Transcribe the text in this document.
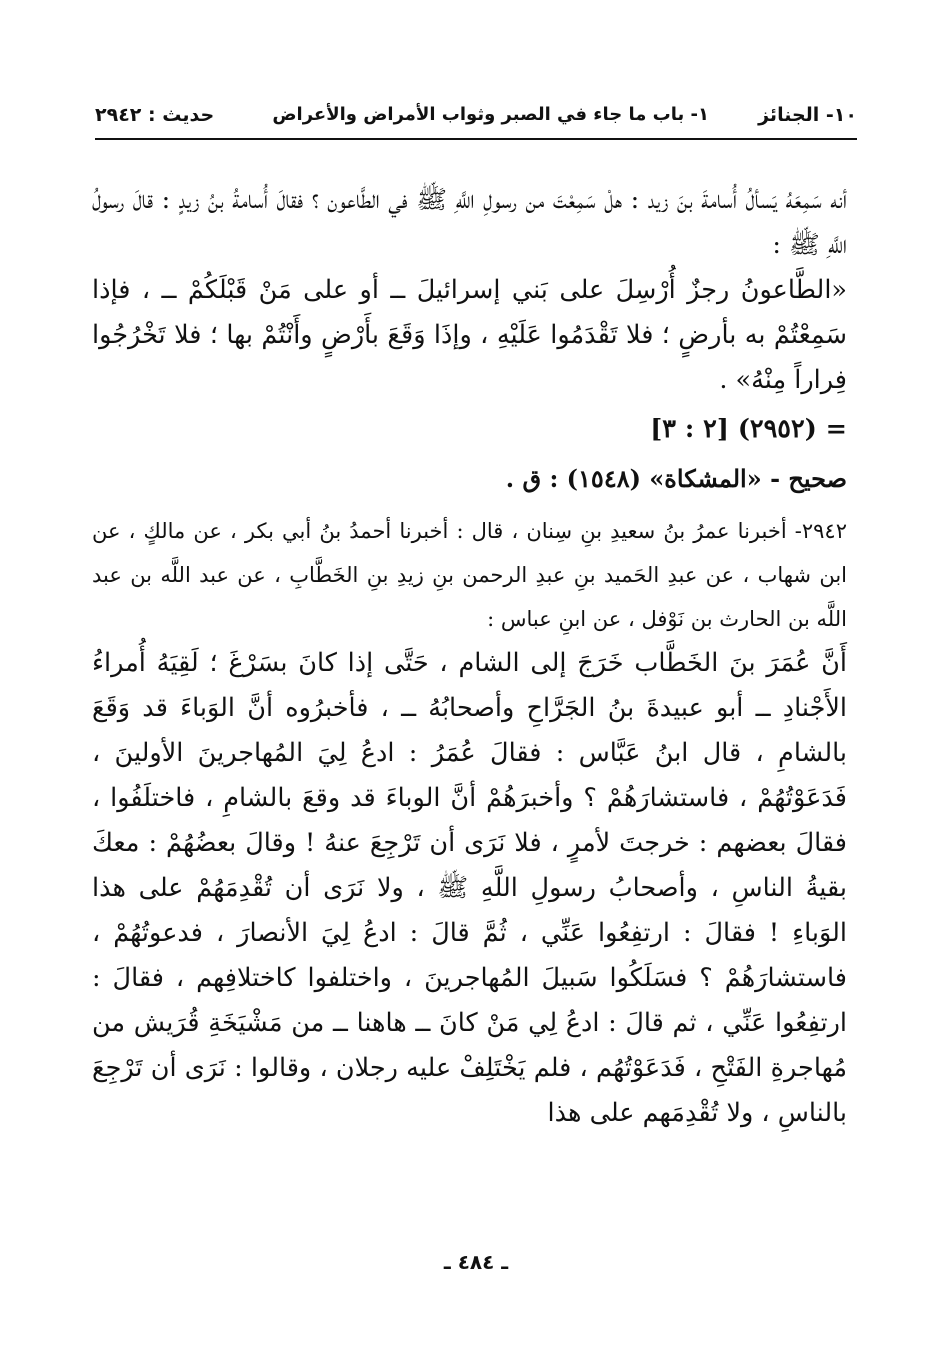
١٠- الجنائز
١- باب ما جاء في الصبر وثواب الأمراض والأعراض
حديث : ٢٩٤٢

أنه سَمِعَهُ يَسألُ أُسامةَ بنَ زيد : هلْ سَمِعْتَ من رسولِ اللَّهِ ﷺ في الطَّاعون ؟ فقالَ أُسامةُ بنُ زيدٍ : قالَ رسولُ اللَّهِ ﷺ :

«الطَّاعونُ رجزٌ أُرْسِلَ على بَني إسرائيلَ ــ أو على مَنْ قَبْلَكُمْ ــ ، فإذا سَمِعْتُمْ به بأرضٍ ؛ فلا تَقْدَمُوا عَلَيْهِ ، وإذَا وَقَعَ بأَرْضٍ وأَنْتُمْ بها ؛ فلا تَخْرُجُوا فِراراً مِنْهُ» .

= (٢٩٥٢) [٢ : ٣]

صحيح - «المشكاة» (١٥٤٨) : ق .

٢٩٤٢- أخبرنا عمرُ بنُ سعيدِ بنِ سِنان ، قال : أخبرنا أحمدُ بنُ أبي بكر ، عن مالكٍ ، عن ابن شهاب ، عن عبدِ الحَميد بنِ عبدِ الرحمن بنِ زيدِ بنِ الخَطَّابِ ، عن عبد اللَّه بن عبد اللَّه بن الحارث بن نَوْفل ، عن ابنِ عباس :

أَنَّ عُمَرَ بنَ الخَطَّاب خَرَجَ إلى الشام ، حَتَّى إذا كانَ بسَرْغَ ؛ لَقِيَهُ أُمراءُ الأَجْنادِ ــ أبو عبيدةَ بنُ الجَرَّاحِ وأصحابُهُ ــ ، فأخبرُوه أنَّ الوَباءَ قد وَقَعَ بالشامِ ، قال ابنُ عَبَّاس : فقالَ عُمَرُ : ادعُ لِيَ المُهاجرينَ الأولينَ ، فَدَعَوْتُهُمْ ، فاستشارَهُمْ ؟ وأخبرَهُمْ أنَّ الوباءَ قد وقعَ بالشامِ ، فاختلَفُوا ، فقالَ بعضهم : خرجتَ لأمرٍ ، فلا نَرَى أن تَرْجِعَ عنهُ ! وقالَ بعضُهُمْ : معكَ بقيةُ الناسِ ، وأصحابُ رسولِ اللَّهِ ﷺ ، ولا نَرَى أن تُقْدِمَهُمْ على هذا الوَباءِ ! فقالَ : ارتفِعُوا عَنِّي ، ثُمَّ قالَ : ادعُ لِيَ الأنصارَ ، فدعوتُهُمْ ، فاستشارَهُمْ ؟ فسَلَكُوا سَبيلَ المُهاجرينَ ، واختلفوا كاختلافِهم ، فقالَ : ارتفِعُوا عَنِّي ، ثم قالَ : ادعُ لِي مَنْ كانَ ــ هاهنا ــ من مَشْيَخَةِ قُرَيش من مُهاجرةِ الفَتْحِ ، فَدَعَوْتُهُم ، فلم يَخْتَلِفْ عليه رجلان ، وقالوا : نَرَى أن تَرْجِعَ بالناسِ ، ولا تُقْدِمَهم على هذا

ـ ٤٨٤ ـ
